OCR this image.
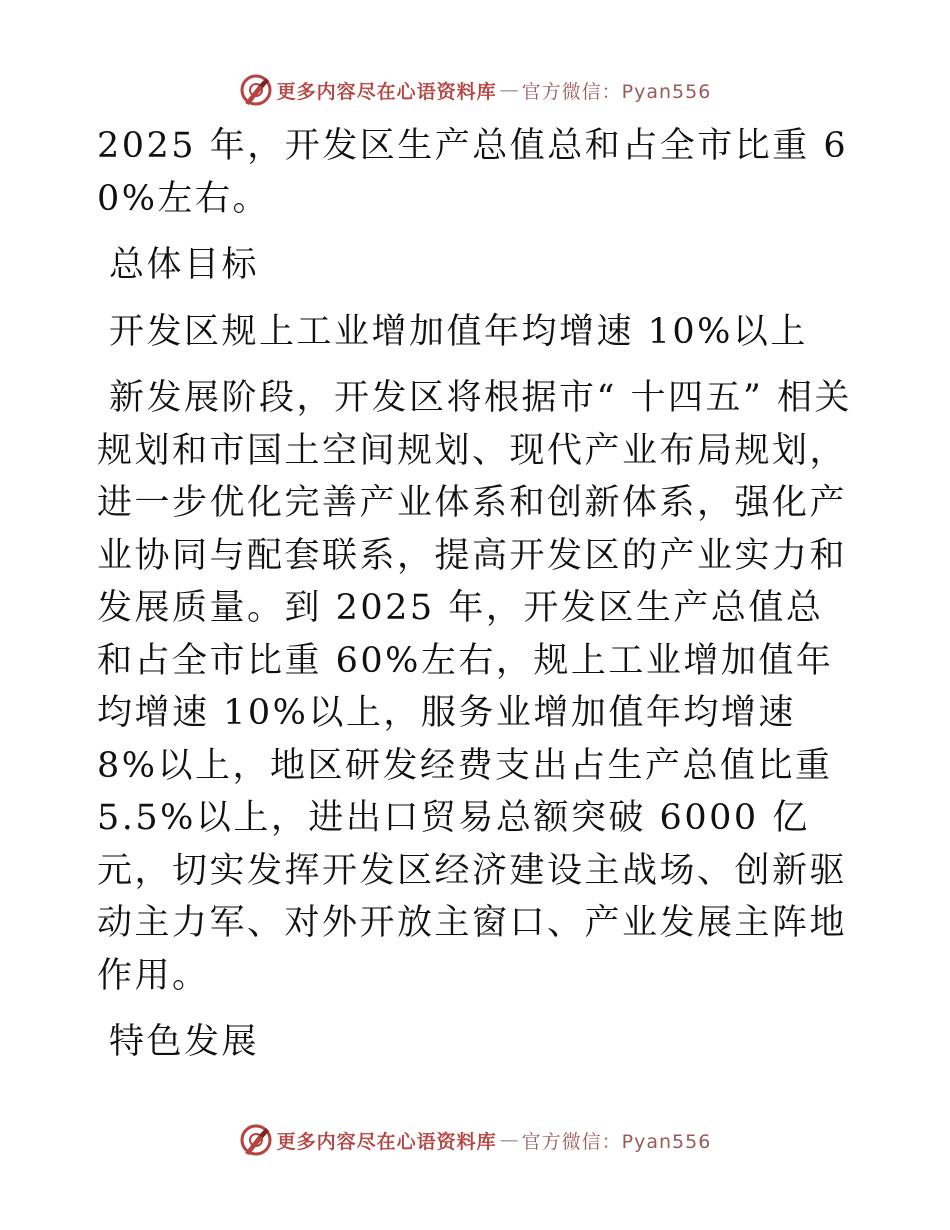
更多内容尽在心语资料库 — 官方微信：Pyan556

2025 年，开发区生产总值总和占全市比重 60%左右。

总体目标

开发区规上工业增加值年均增速 10%以上

新发展阶段，开发区将根据市“ 十四五” 相关规划和市国土空间规划、现代产业布局规划，进一步优化完善产业体系和创新体系，强化产业协同与配套联系，提高开发区的产业实力和发展质量。到 2025 年，开发区生产总值总和占全市比重 60%左右，规上工业增加值年均增速 10%以上，服务业增加值年均增速 8%以上，地区研发经费支出占生产总值比重 5.5%以上，进出口贸易总额突破 6000 亿元，切实发挥开发区经济建设主战场、创新驱动主力军、对外开放主窗口、产业发展主阵地作用。

特色发展

更多内容尽在心语资料库 — 官方微信：Pyan556
